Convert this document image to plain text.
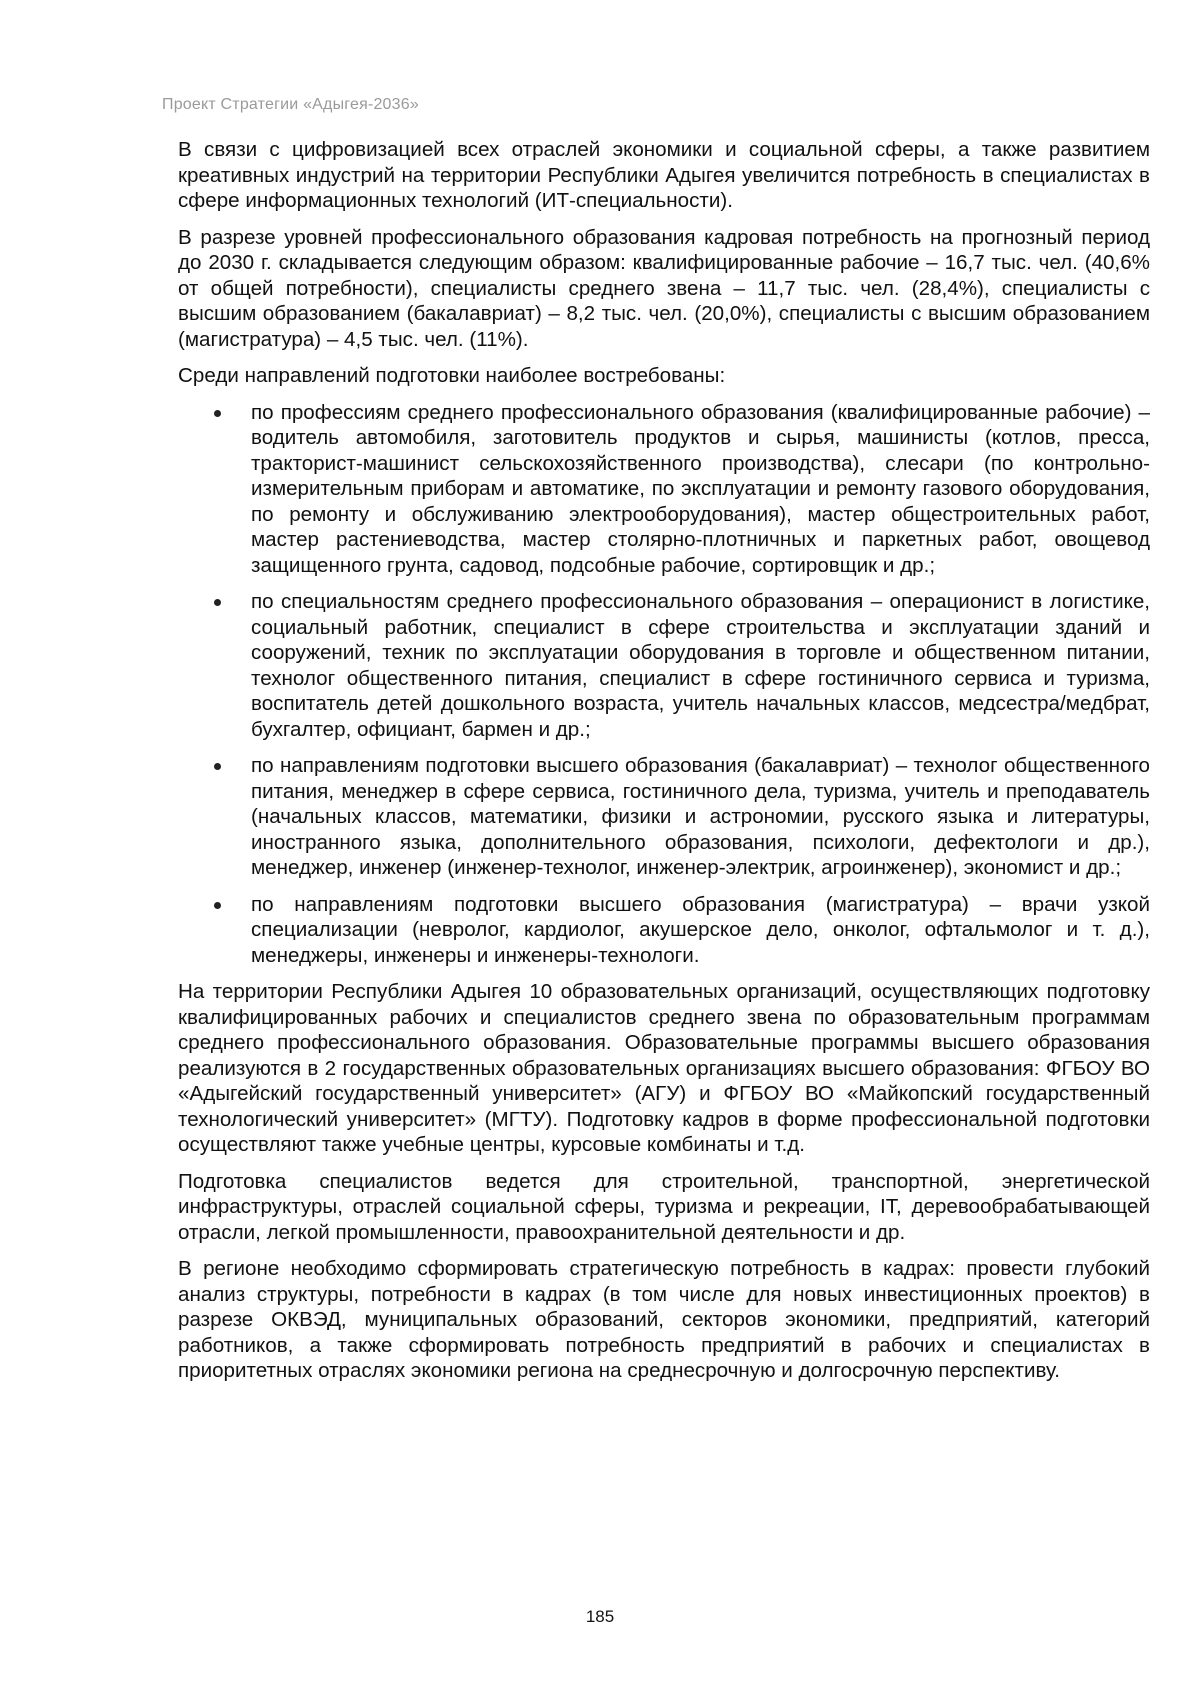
Проект Стратегии «Адыгея-2036»

В связи с цифровизацией всех отраслей экономики и социальной сферы, а также развитием креативных индустрий на территории Республики Адыгея увеличится потребность в специалистах в сфере информационных технологий (ИТ-специальности).

В разрезе уровней профессионального образования кадровая потребность на прогнозный период до 2030 г. складывается следующим образом: квалифицированные рабочие – 16,7 тыс. чел. (40,6% от общей потребности), специалисты среднего звена – 11,7 тыс. чел. (28,4%), специалисты с высшим образованием (бакалавриат) – 8,2 тыс. чел. (20,0%), специалисты с высшим образованием (магистратура) – 4,5 тыс. чел. (11%).

Среди направлений подготовки наиболее востребованы:

по профессиям среднего профессионального образования (квалифицированные рабочие) – водитель автомобиля, заготовитель продуктов и сырья, машинисты (котлов, пресса, тракторист-машинист сельскохозяйственного производства), слесари (по контрольно-измерительным приборам и автоматике, по эксплуатации и ремонту газового оборудования, по ремонту и обслуживанию электрооборудования), мастер общестроительных работ, мастер растениеводства, мастер столярно-плотничных и паркетных работ, овощевод защищенного грунта, садовод, подсобные рабочие, сортировщик и др.;
по специальностям среднего профессионального образования – операционист в логистике, социальный работник, специалист в сфере строительства и эксплуатации зданий и сооружений, техник по эксплуатации оборудования в торговле и общественном питании, технолог общественного питания, специалист в сфере гостиничного сервиса и туризма, воспитатель детей дошкольного возраста, учитель начальных классов, медсестра/медбрат, бухгалтер, официант, бармен и др.;
по направлениям подготовки высшего образования (бакалавриат) – технолог общественного питания, менеджер в сфере сервиса, гостиничного дела, туризма, учитель и преподаватель (начальных классов, математики, физики и астрономии, русского языка и литературы, иностранного языка, дополнительного образования, психологи, дефектологи и др.), менеджер, инженер (инженер-технолог, инженер-электрик, агроинженер), экономист и др.;
по направлениям подготовки высшего образования (магистратура) – врачи узкой специализации (невролог, кардиолог, акушерское дело, онколог, офтальмолог и т. д.), менеджеры, инженеры и инженеры-технологи.

На территории Республики Адыгея 10 образовательных организаций, осуществляющих подготовку квалифицированных рабочих и специалистов среднего звена по образовательным программам среднего профессионального образования. Образовательные программы высшего образования реализуются в 2 государственных образовательных организациях высшего образования: ФГБОУ ВО «Адыгейский государственный университет» (АГУ) и ФГБОУ ВО «Майкопский государственный технологический университет» (МГТУ). Подготовку кадров в форме профессиональной подготовки осуществляют также учебные центры, курсовые комбинаты и т.д.

Подготовка специалистов ведется для строительной, транспортной, энергетической инфраструктуры, отраслей социальной сферы, туризма и рекреации, IT, деревообрабатывающей отрасли, легкой промышленности, правоохранительной деятельности и др.

В регионе необходимо сформировать стратегическую потребность в кадрах: провести глубокий анализ структуры, потребности в кадрах (в том числе для новых инвестиционных проектов) в разрезе ОКВЭД, муниципальных образований, секторов экономики, предприятий, категорий работников, а также сформировать потребность предприятий в рабочих и специалистах в приоритетных отраслях экономики региона на среднесрочную и долгосрочную перспективу.

185
